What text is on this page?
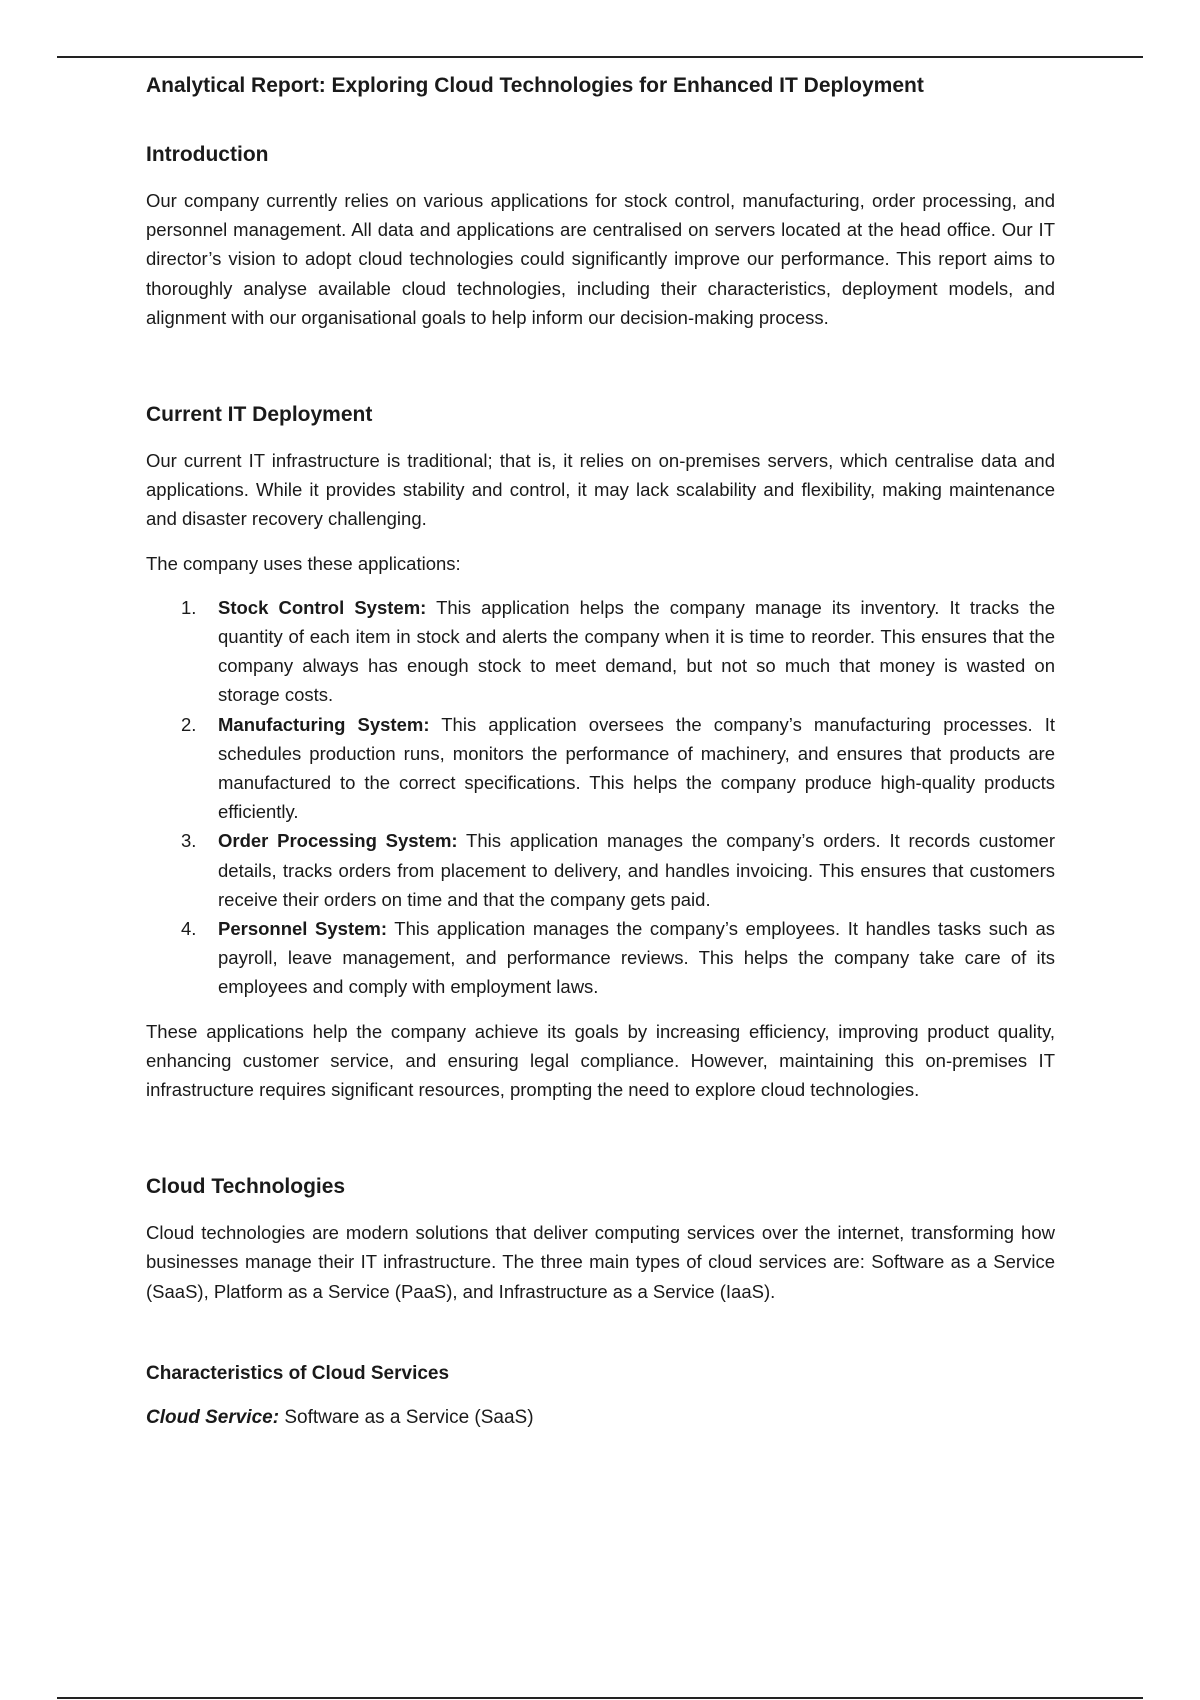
Analytical Report: Exploring Cloud Technologies for Enhanced IT Deployment
Introduction

Our company currently relies on various applications for stock control, manufacturing, order processing, and personnel management. All data and applications are centralised on servers located at the head office. Our IT director’s vision to adopt cloud technologies could significantly improve our performance. This report aims to thoroughly analyse available cloud technologies, including their characteristics, deployment models, and alignment with our organisational goals to help inform our decision-making process.

Current IT Deployment

Our current IT infrastructure is traditional; that is, it relies on on-premises servers, which centralise data and applications. While it provides stability and control, it may lack scalability and flexibility, making maintenance and disaster recovery challenging.

The company uses these applications:

1. Stock Control System: This application helps the company manage its inventory. It tracks the quantity of each item in stock and alerts the company when it is time to reorder. This ensures that the company always has enough stock to meet demand, but not so much that money is wasted on storage costs.
2. Manufacturing System: This application oversees the company’s manufacturing processes. It schedules production runs, monitors the performance of machinery, and ensures that products are manufactured to the correct specifications. This helps the company produce high-quality products efficiently.
3. Order Processing System: This application manages the company’s orders. It records customer details, tracks orders from placement to delivery, and handles invoicing. This ensures that customers receive their orders on time and that the company gets paid.
4. Personnel System: This application manages the company’s employees. It handles tasks such as payroll, leave management, and performance reviews. This helps the company take care of its employees and comply with employment laws.

These applications help the company achieve its goals by increasing efficiency, improving product quality, enhancing customer service, and ensuring legal compliance. However, maintaining this on-premises IT infrastructure requires significant resources, prompting the need to explore cloud technologies.

Cloud Technologies

Cloud technologies are modern solutions that deliver computing services over the internet, transforming how businesses manage their IT infrastructure. The three main types of cloud services are: Software as a Service (SaaS), Platform as a Service (PaaS), and Infrastructure as a Service (IaaS).

Characteristics of Cloud Services

Cloud Service: Software as a Service (SaaS)
